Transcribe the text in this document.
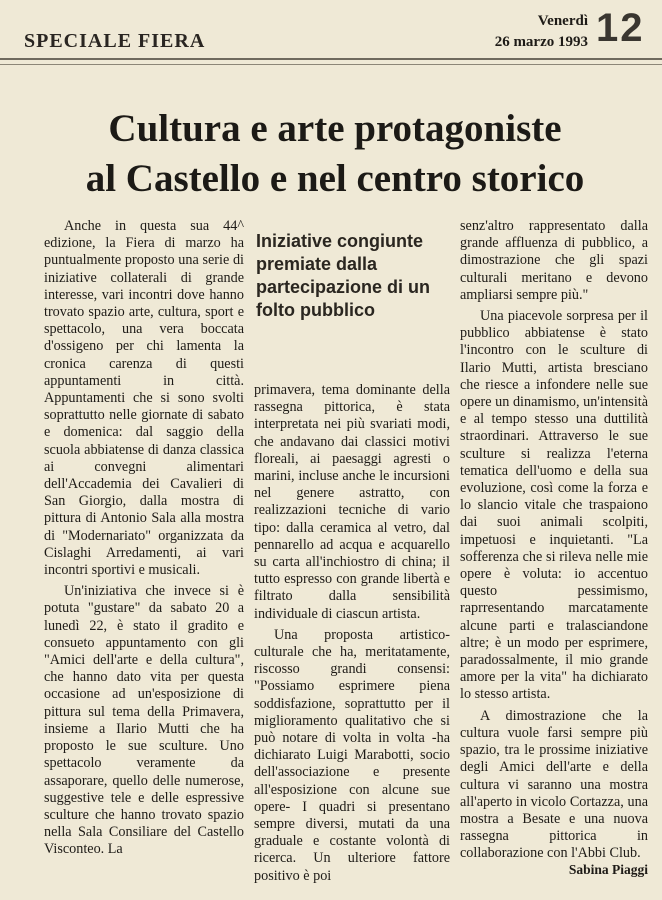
SPECIALE FIERA
Venerdì
26 marzo 1993 12
Cultura e arte protagoniste
al Castello e nel centro storico

Anche in questa sua 44^ edizione, la Fiera di marzo ha puntualmente proposto una serie di iniziative collaterali di grande interesse, vari incontri dove hanno trovato spazio arte, cultura, sport e spettacolo, una vera boccata d'ossigeno per chi lamenta la cronica carenza di questi appuntamenti in città. Appuntamenti che si sono svolti soprattutto nelle giornate di sabato e domenica: dal saggio della scuola abbiatense di danza classica ai convegni alimentari dell'Accademia dei Cavalieri di San Giorgio, dalla mostra di pittura di Antonio Sala alla mostra di "Modernariato" organizzata da Cislaghi Arredamenti, ai vari incontri sportivi e musicali.

Un'iniziativa che invece si è potuta "gustare" da sabato 20 a lunedì 22, è stato il gradito e consueto appuntamento con gli "Amici dell'arte e della cultura", che hanno dato vita per questa occasione ad un'esposizione di pittura sul tema della Primavera, insieme a Ilario Mutti che ha proposto le sue sculture. Uno spettacolo veramente da assaporare, quello delle numerose, suggestive tele e delle espressive sculture che hanno trovato spazio nella Sala Consiliare del Castello Visconteo. La

Iniziative congiunte premiate dalla partecipazione di un folto pubblico

primavera, tema dominante della rassegna pittorica, è stata interpretata nei più svariati modi, che andavano dai classici motivi floreali, ai paesaggi agresti o marini, incluse anche le incursioni nel genere astratto, con realizzazioni tecniche di vario tipo: dalla ceramica al vetro, dal pennarello ad acqua e acquarello su carta all'inchiostro di china; il tutto espresso con grande libertà e filtrato dalla sensibilità individuale di ciascun artista.

Una proposta artistico-culturale che ha, meritatamente, riscosso grandi consensi: "Possiamo esprimere piena soddisfazione, soprattutto per il miglioramento qualitativo che si può notare di volta in volta -ha dichiarato Luigi Marabotti, socio dell'associazione e presente all'esposizione con alcune sue opere- I quadri si presentano sempre diversi, mutati da una graduale e costante volontà di ricerca. Un ulteriore fattore positivo è poi

senz'altro rappresentato dalla grande affluenza di pubblico, a dimostrazione che gli spazi culturali meritano e devono ampliarsi sempre più."

Una piacevole sorpresa per il pubblico abbiatense è stato l'incontro con le sculture di Ilario Mutti, artista bresciano che riesce a infondere nelle sue opere un dinamismo, un'intensità e al tempo stesso una duttilità straordinari. Attraverso le sue sculture si realizza l'eterna tematica dell'uomo e della sua evoluzione, così come la forza e lo slancio vitale che traspaiono dai suoi animali scolpiti, impetuosi e inquietanti. "La sofferenza che si rileva nelle mie opere è voluta: io accentuo questo pessimismo, raprresentando marcatamente alcune parti e tralasciandone altre; è un modo per esprimere, paradossalmente, il mio grande amore per la vita" ha dichiarato lo stesso artista.

A dimostrazione che la cultura vuole farsi sempre più spazio, tra le prossime iniziative degli Amici dell'arte e della cultura vi saranno una mostra all'aperto in vicolo Cortazza, una mostra a Besate e una nuova rassegna pittorica in collaborazione con l'Abbi Club.

Sabina Piaggi
